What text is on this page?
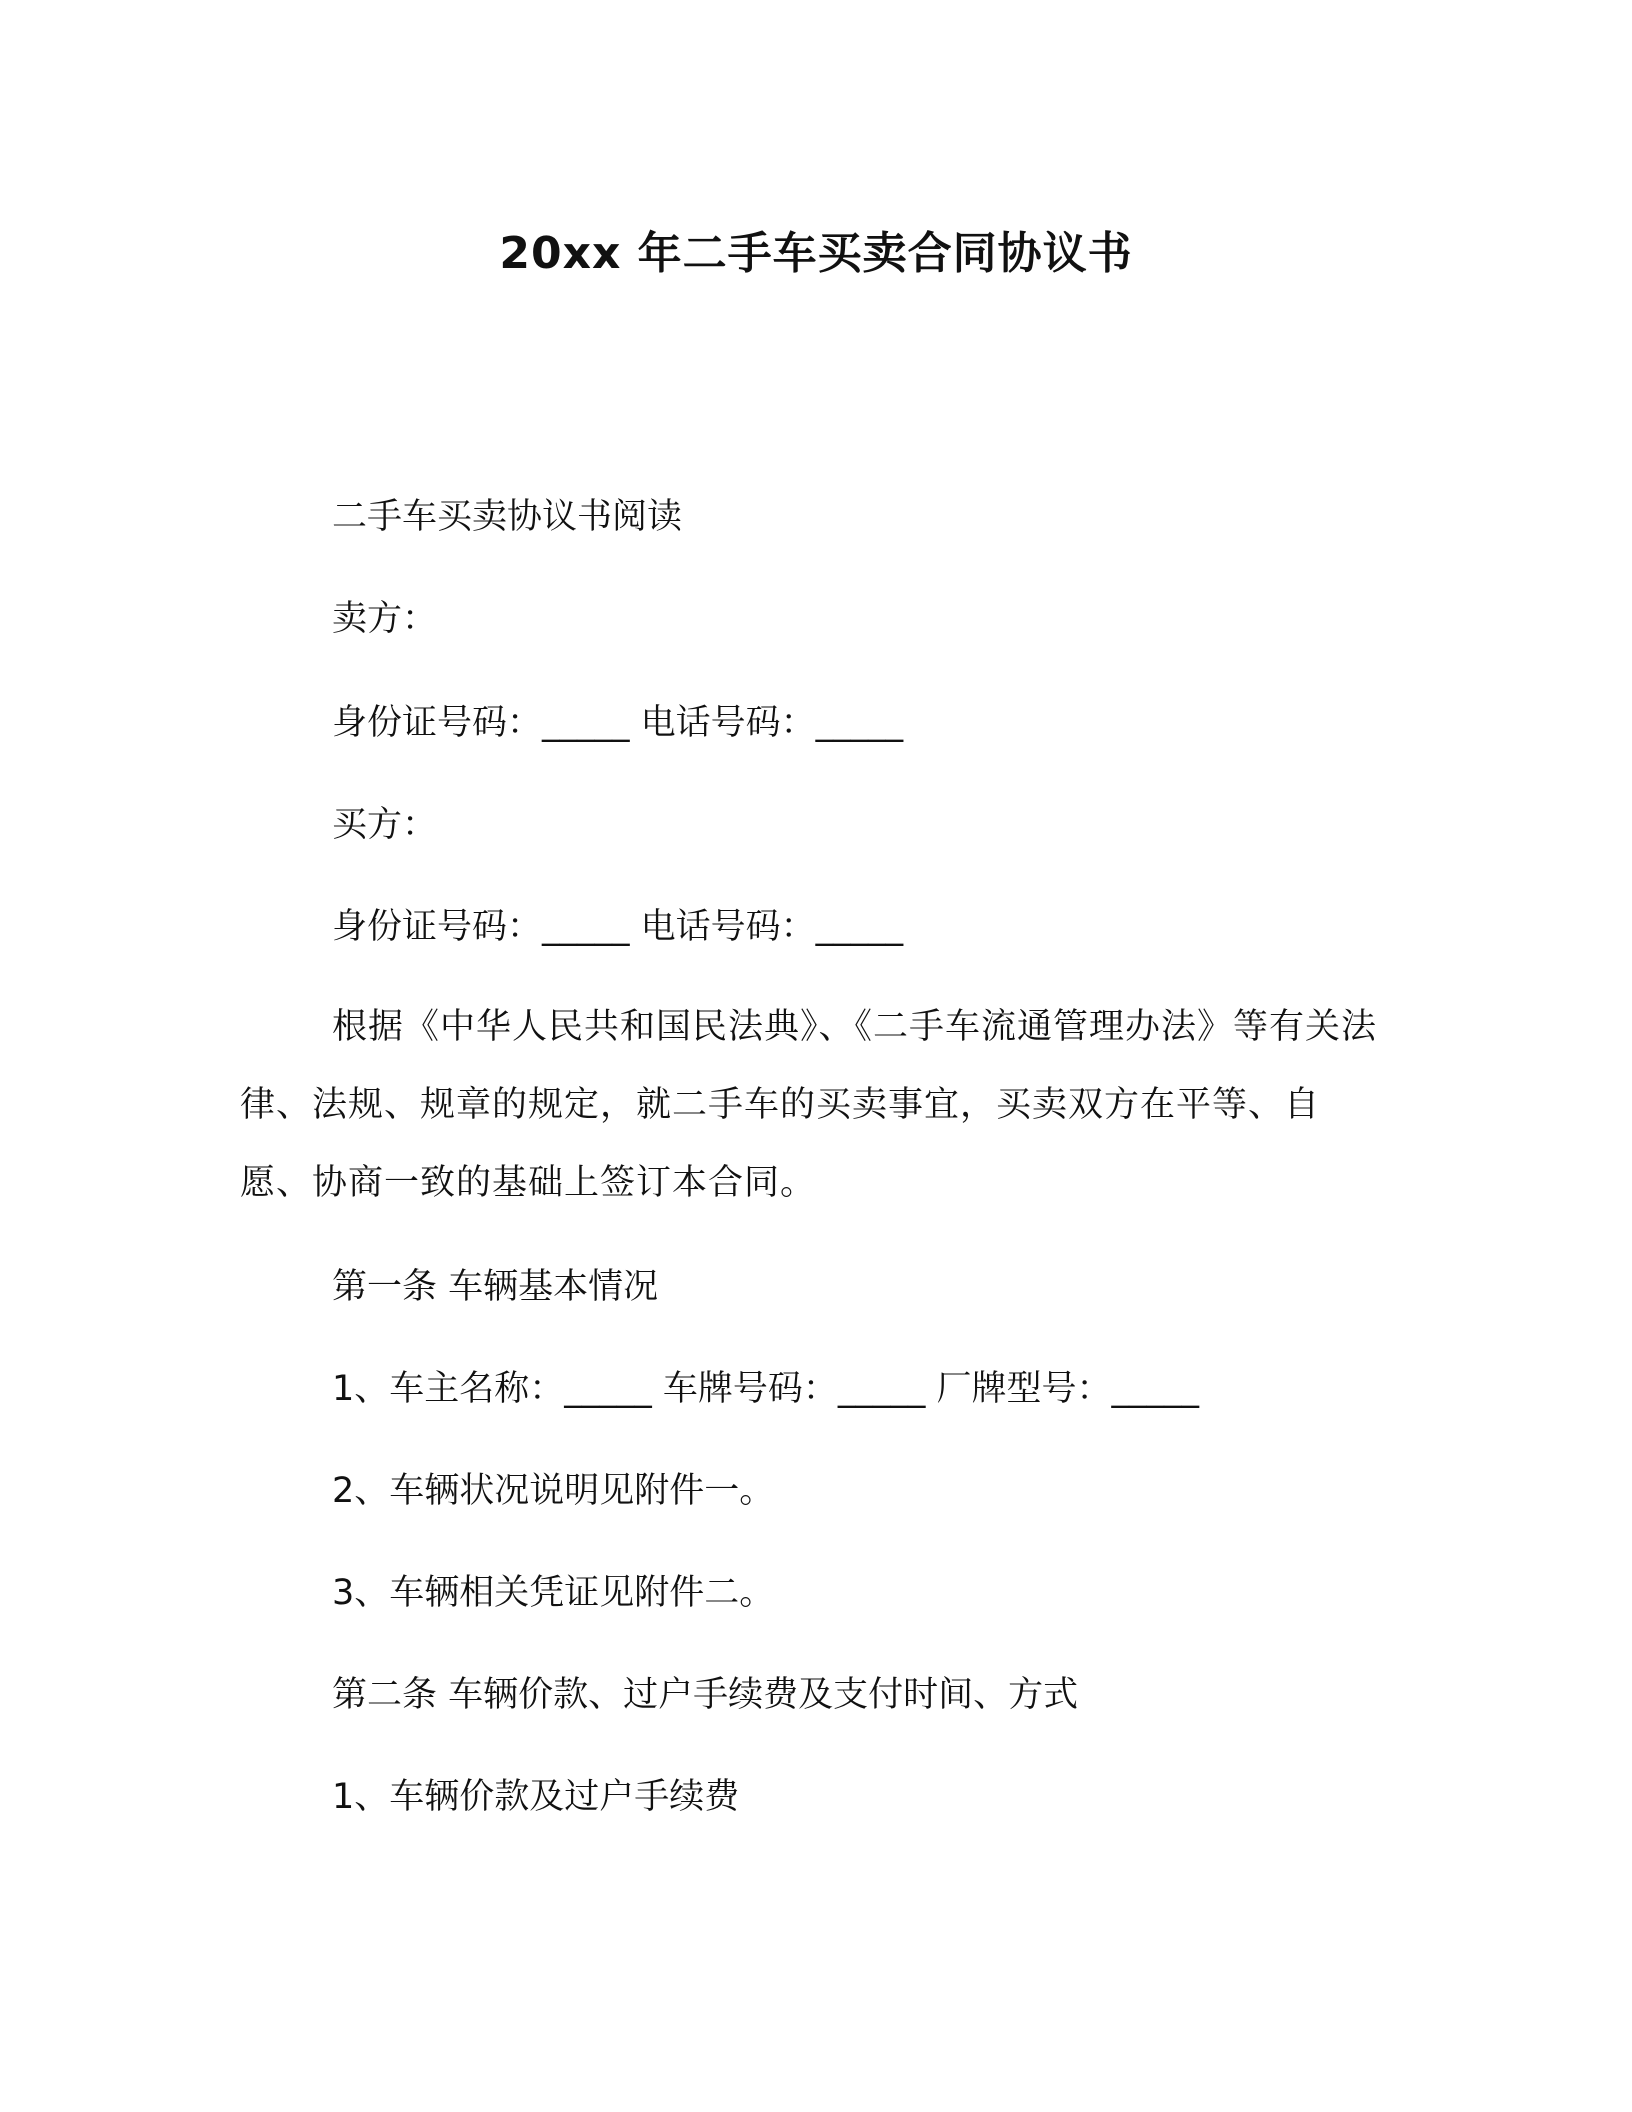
20xx 年二手车买卖合同协议书
二手车买卖协议书阅读
卖方：
身份证号码：_____ 电话号码：_____
买方：
身份证号码：_____ 电话号码：_____
根据《中华人民共和国民法典》、《二手车流通管理办法》等有关法律、法规、规章的规定，就二手车的买卖事宜，买卖双方在平等、自愿、协商一致的基础上签订本合同。
第一条 车辆基本情况
1、车主名称：_____ 车牌号码：_____ 厂牌型号：_____
2、车辆状况说明见附件一。
3、车辆相关凭证见附件二。
第二条 车辆价款、过户手续费及支付时间、方式
1、车辆价款及过户手续费
